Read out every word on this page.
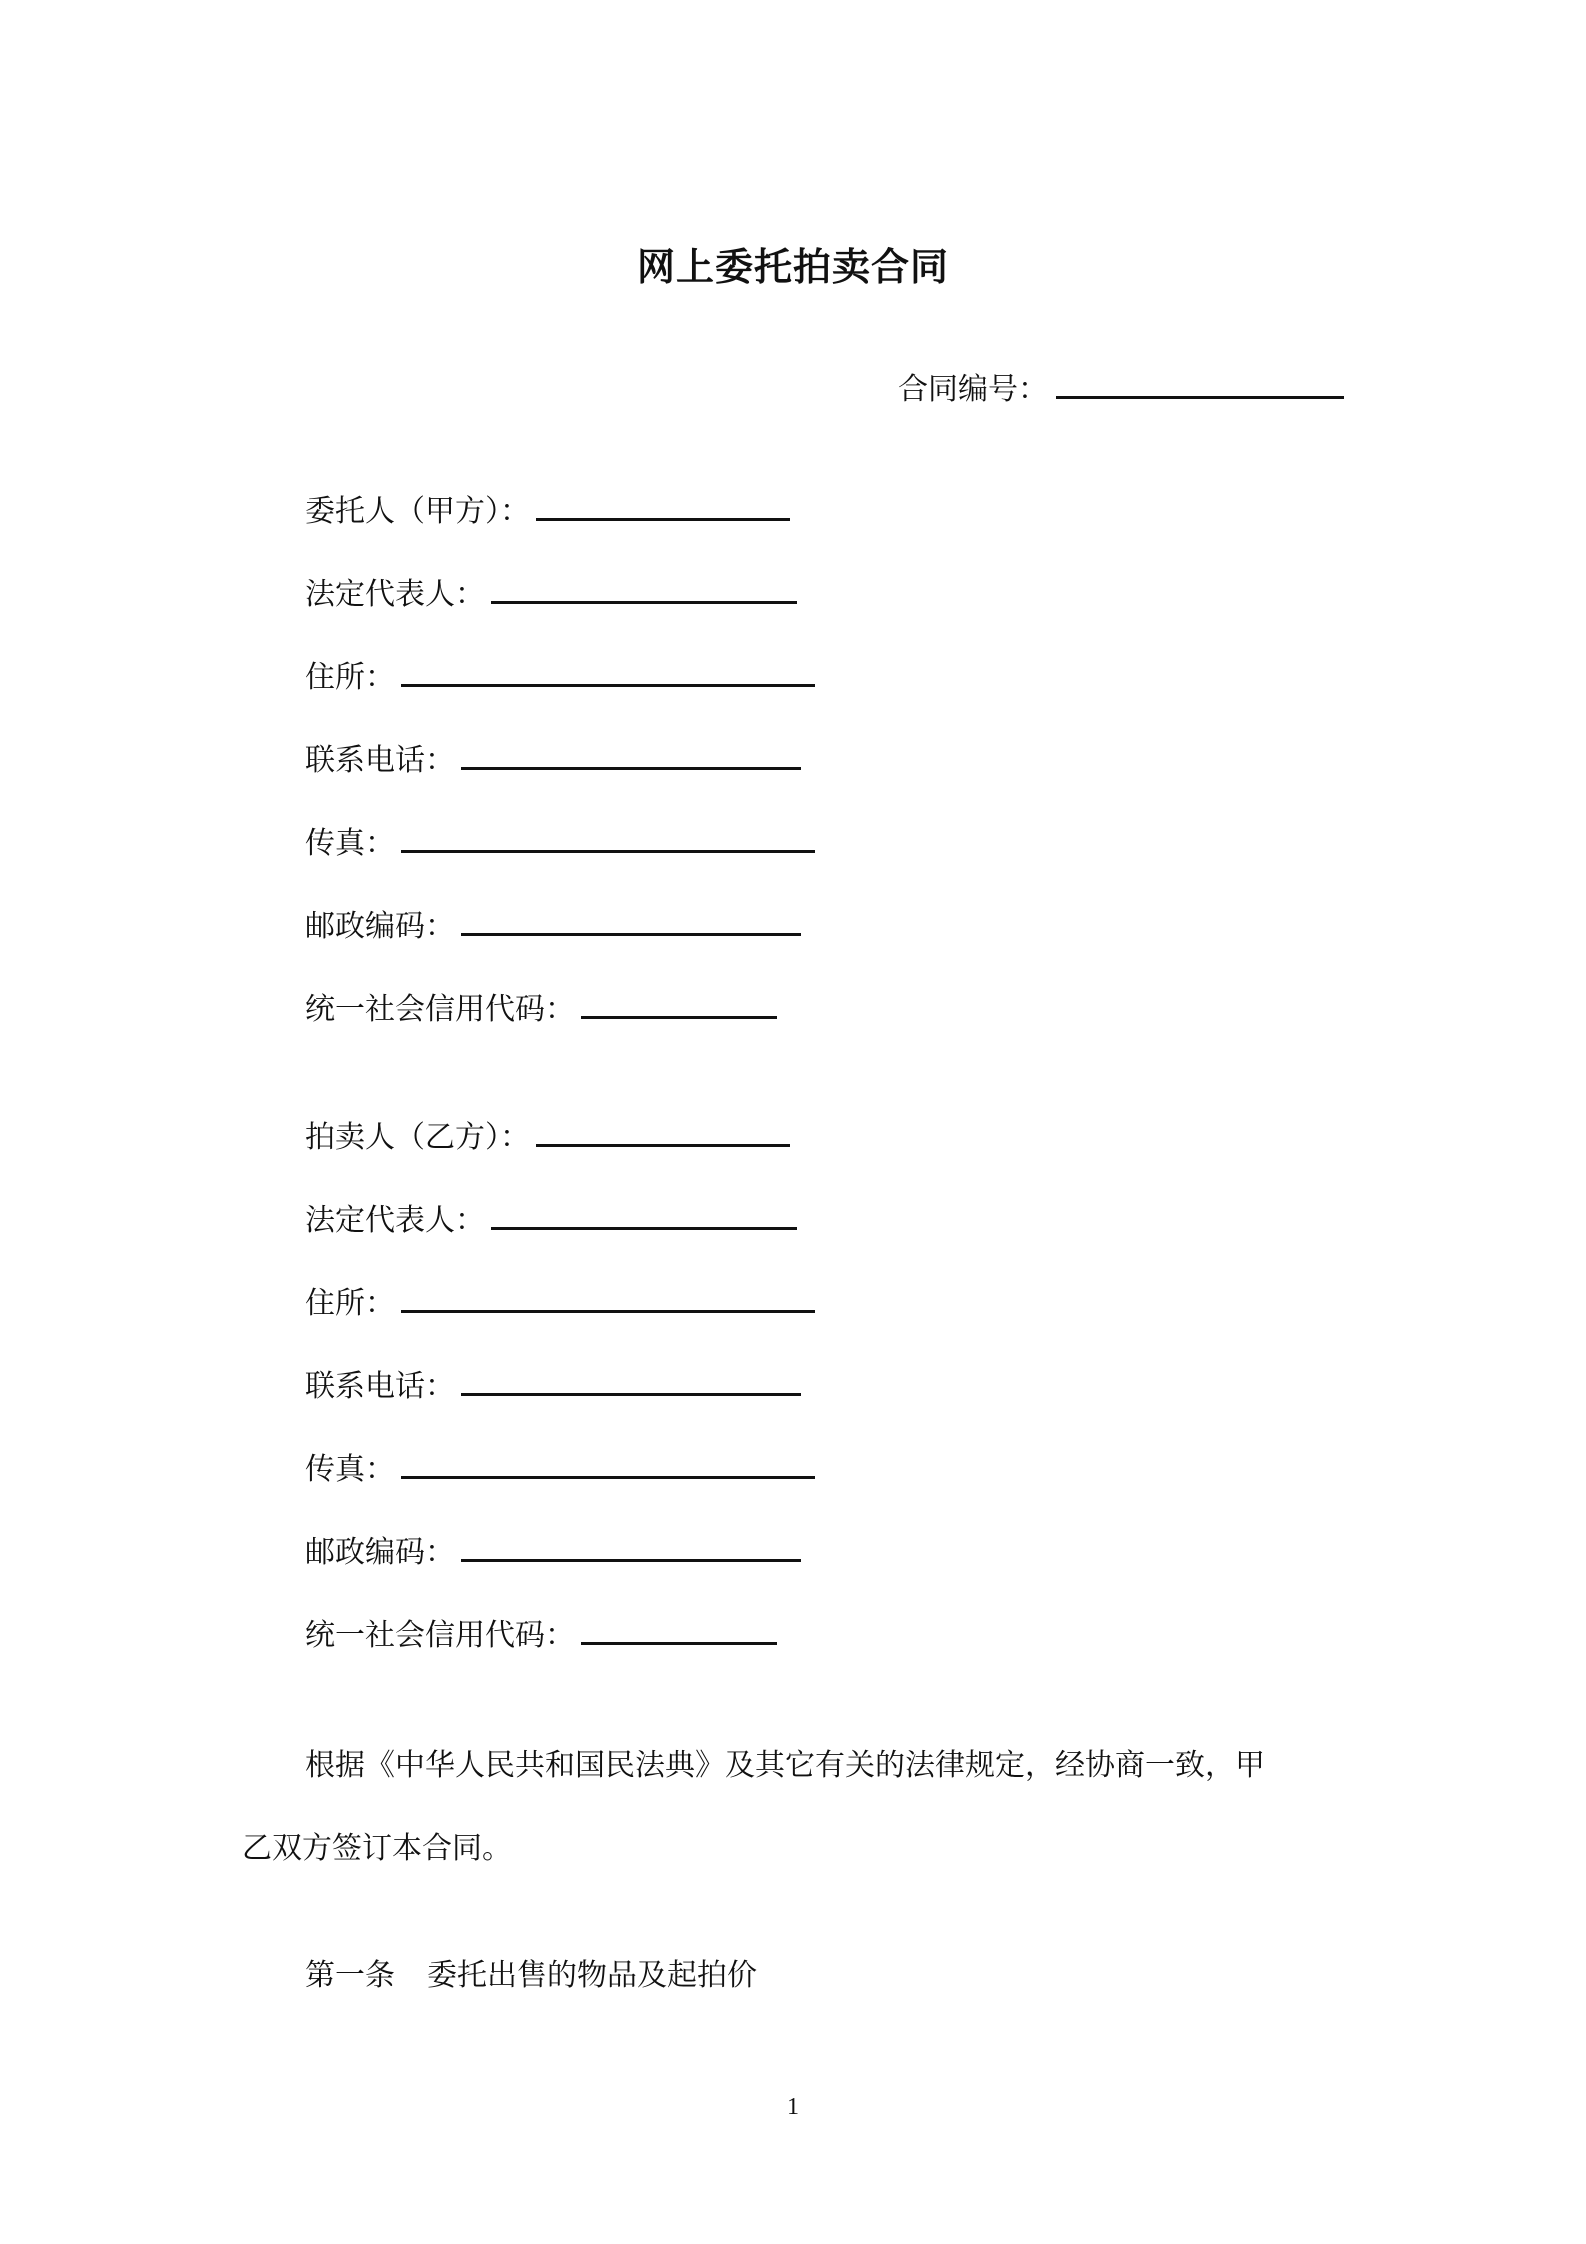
网上委托拍卖合同

合同编号：

委托人（甲方）：

法定代表人：

住所：

联系电话：

传真：

邮政编码：

统一社会信用代码：

拍卖人（乙方）：

法定代表人：

住所：

联系电话：

传真：

邮政编码：

统一社会信用代码：

根据《中华人民共和国民法典》及其它有关的法律规定，经协商一致，甲

乙双方签订本合同。

第一条 委托出售的物品及起拍价

1
